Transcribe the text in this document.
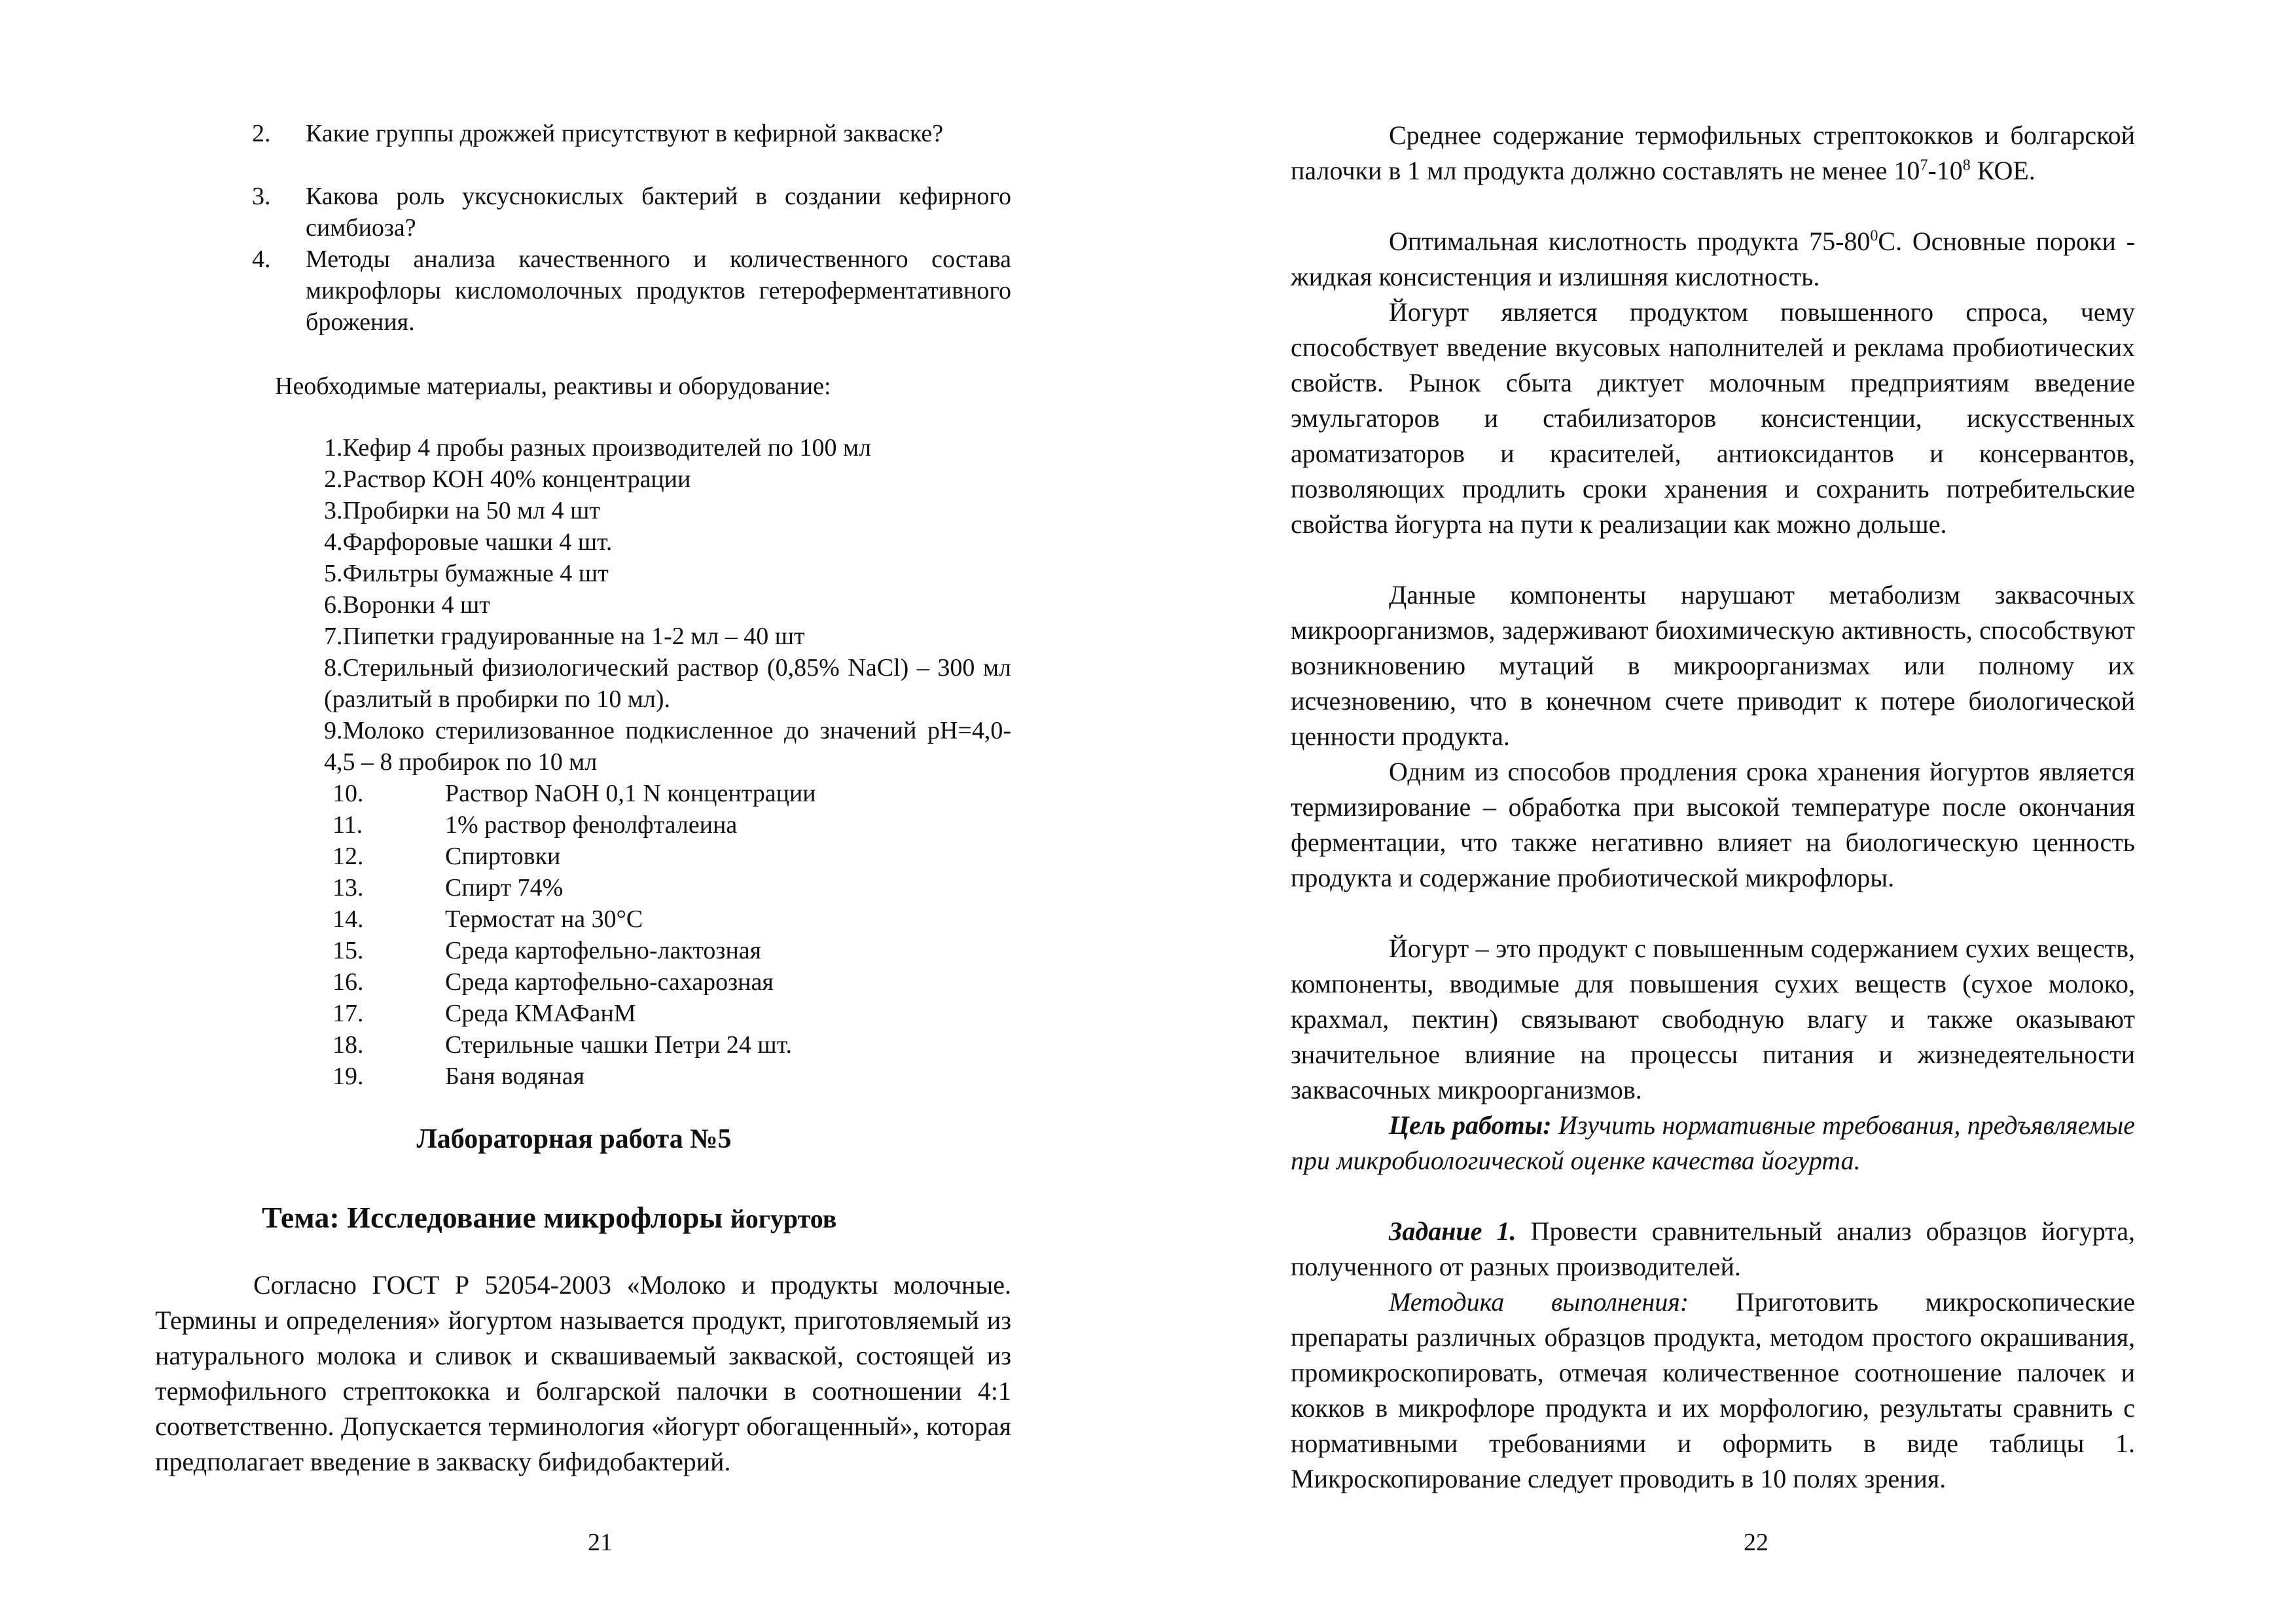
2. Какие группы дрожжей присутствуют в кефирной закваске?
3. Какова роль уксуснокислых бактерий в создании кефирного симбиоза?
4. Методы анализа качественного и количественного состава микрофлоры кисломолочных продуктов гетероферментативного брожения.
Необходимые материалы, реактивы и оборудование:
1.Кефир 4 пробы разных производителей по 100 мл
2.Раствор КОН 40% концентрации
3.Пробирки на 50 мл 4 шт
4.Фарфоровые чашки 4 шт.
5.Фильтры бумажные 4 шт
6.Воронки 4 шт
7.Пипетки градуированные на 1-2 мл – 40 шт
8.Стерильный физиологический раствор (0,85% NaCl) – 300 мл (разлитый в пробирки по 10 мл).
9.Молоко стерилизованное подкисленное до значений рН=4,0-4,5 – 8 пробирок по 10 мл
10.	Раствор NaOH 0,1 N концентрации
11.	1% раствор фенолфталеина
12.	Спиртовки
13.	Спирт 74%
14.	Термостат на 30°С
15.	Среда картофельно-лактозная
16.	Среда картофельно-сахарозная
17.	Среда КМАФанМ
18.	Стерильные чашки Петри 24 шт.
19.	Баня водяная
Лабораторная работа №5
Тема: Исследование микрофлоры йогуртов
Согласно ГОСТ Р 52054-2003 «Молоко и продукты молочные. Термины и определения» йогуртом называется продукт, приготовляемый из натурального молока и сливок и сквашиваемый закваской, состоящей из термофильного стрептококка и болгарской палочки в соотношении 4:1 соответственно. Допускается терминология «йогурт обогащенный», которая предполагает введение в закваску бифидобактерий.
21
Среднее содержание термофильных стрептококков и болгарской палочки в 1 мл продукта должно составлять не менее $10^7-10^8$ КОЕ.
Оптимальная кислотность продукта $75-80^0С$. Основные пороки - жидкая консистенция и излишняя кислотность.
Йогурт является продуктом повышенного спроса, чему способствует введение вкусовых наполнителей и реклама пробиотических свойств. Рынок сбыта диктует молочным предприятиям введение эмульгаторов и стабилизаторов консистенции, искусственных ароматизаторов и красителей, антиоксидантов и консервантов, позволяющих продлить сроки хранения и сохранить потребительские свойства йогурта на пути к реализации как можно дольше.
Данные компоненты нарушают метаболизм заквасочных микроорганизмов, задерживают биохимическую активность, способствуют возникновению мутаций в микроорганизмах или полному их исчезновению, что в конечном счете приводит к потере биологической ценности продукта.
Одним из способов продления срока хранения йогуртов является термизирование – обработка при высокой температуре после окончания ферментации, что также негативно влияет на биологическую ценность продукта и содержание пробиотической микрофлоры.
Йогурт – это продукт с повышенным содержанием сухих веществ, компоненты, вводимые для повышения сухих веществ (сухое молоко, крахмал, пектин) связывают свободную влагу и также оказывают значительное влияние на процессы питания и жизнедеятельности заквасочных микроорганизмов.
Цель работы: Изучить нормативные требования, предъявляемые при микробиологической оценке качества йогурта.
Задание 1. Провести сравнительный анализ образцов йогурта, полученного от разных производителей.
Методика выполнения: Приготовить микроскопические препараты различных образцов продукта, методом простого окрашивания, промикроскопировать, отмечая количественное соотношение палочек и кокков в микрофлоре продукта и их морфологию, результаты сравнить с нормативными требованиями и оформить в виде таблицы 1. Микроскопирование следует проводить в 10 полях зрения.
22
